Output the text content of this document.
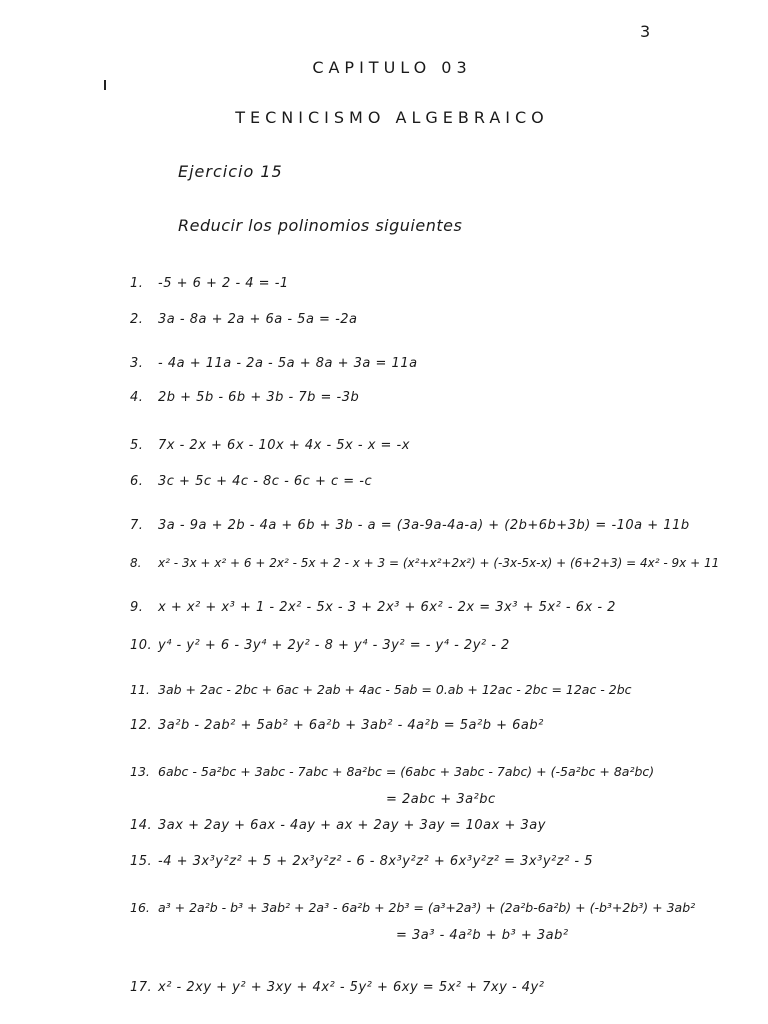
3
CAPITULO 03
TECNICISMO ALGEBRAICO
Ejercicio 15
Reducir los polinomios siguientes
1. -5 + 6 + 2 - 4 = -1
2. 3a - 8a + 2a + 6a - 5a = -2a
3. - 4a + 11a - 2a - 5a + 8a + 3a = 11a
4. 2b + 5b - 6b + 3b - 7b = -3b
5. 7x - 2x + 6x - 10x + 4x - 5x - x = -x
6. 3c + 5c + 4c - 8c - 6c + c = -c
7. 3a - 9a + 2b - 4a + 6b + 3b - a = (3a-9a-4a-a) + (2b+6b+3b) = -10a + 11b
8. x² - 3x + x² + 6 + 2x² - 5x + 2 - x + 3 = (x²+x²+2x²) + (-3x-5x-x) + (6+2+3) = 4x² - 9x + 11
9. x + x² + x³ + 1 - 2x² - 5x - 3 + 2x³ + 6x² - 2x = 3x³ + 5x² - 6x - 2
10. y⁴ - y² + 6 - 3y⁴ + 2y² - 8 + y⁴ - 3y² = - y⁴ - 2y² - 2
11. 3ab + 2ac - 2bc + 6ac + 2ab + 4ac - 5ab = 0.ab + 12ac - 2bc = 12ac - 2bc
12. 3a²b - 2ab² + 5ab² + 6a²b + 3ab² - 4a²b = 5a²b + 6ab²
13. 6abc - 5a²bc + 3abc - 7abc + 8a²bc = (6abc + 3abc - 7abc) + (-5a²bc + 8a²bc)
= 2abc + 3a²bc
14. 3ax + 2ay + 6ax - 4ay + ax + 2ay + 3ay = 10ax + 3ay
15. -4 + 3x³y²z² + 5 + 2x³y²z² - 6 - 8x³y²z² + 6x³y²z² = 3x³y²z² - 5
16. a³ + 2a²b - b³ + 3ab² + 2a³ - 6a²b + 2b³ = (a³+2a³) + (2a²b-6a²b) + (-b³+2b³) + 3ab²
= 3a³ - 4a²b + b³ + 3ab²
17. x² - 2xy + y² + 3xy + 4x² - 5y² + 6xy = 5x² + 7xy - 4y²
